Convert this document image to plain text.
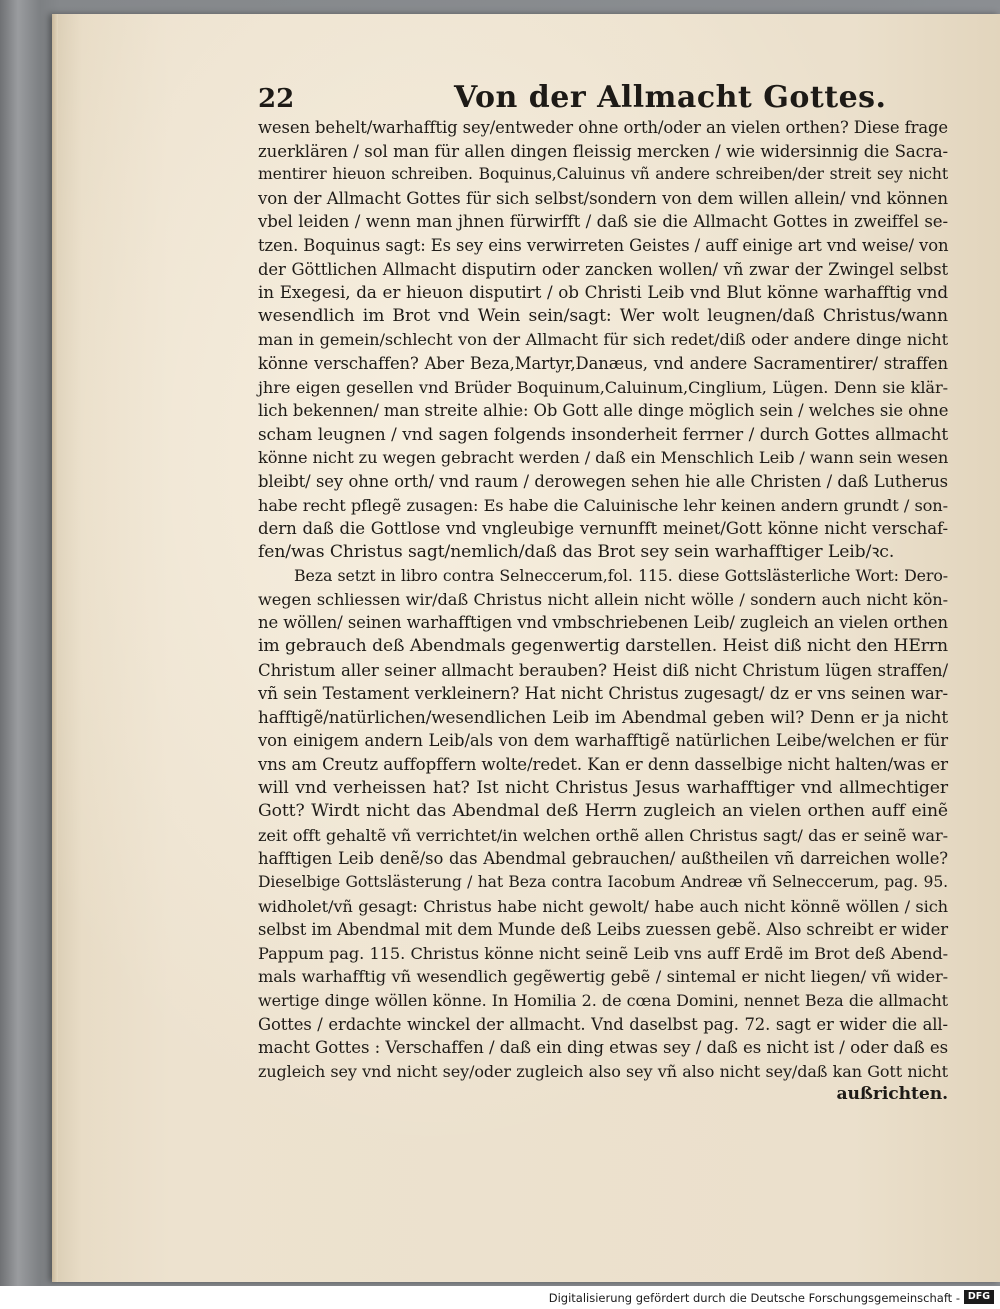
22	Von der Allmacht Gottes.
wesen behelt/warhafftig sey/entweder ohne orth/oder an vielen orthen? Diese frage
zuerklären / sol man für allen dingen fleissig mercken / wie widersinnig die Sacra-
mentirer hieuon schreiben. Boquinus,Caluinus vñ andere schreiben/der streit sey nicht
von der Allmacht Gottes für sich selbst/sondern von dem willen allein/ vnd können
vbel leiden / wenn man jhnen fürwirfft / daß sie die Allmacht Gottes in zweiffel se-
tzen. Boquinus sagt: Es sey eins verwirreten Geistes / auff einige art vnd weise/ von
der Göttlichen Allmacht disputirn oder zancken wollen/ vñ zwar der Zwingel selbst
in Exegesi, da er hieuon disputirt / ob Christi Leib vnd Blut könne warhafftig vnd
wesendlich im Brot vnd Wein sein/sagt: Wer wolt leugnen/daß Christus/wann
man in gemein/schlecht von der Allmacht für sich redet/diß oder andere dinge nicht
könne verschaffen? Aber Beza,Martyr,Danæus, vnd andere Sacramentirer/ straffen
jhre eigen gesellen vnd Brüder Boquinum,Caluinum,Cinglium, Lügen. Denn sie klär-
lich bekennen/ man streite alhie: Ob Gott alle dinge möglich sein / welches sie ohne
scham leugnen / vnd sagen folgends insonderheit ferrner / durch Gottes allmacht
könne nicht zu wegen gebracht werden / daß ein Menschlich Leib / wann sein wesen
bleibt/ sey ohne orth/ vnd raum / derowegen sehen hie alle Christen / daß Lutherus
habe recht pflegẽ zusagen: Es habe die Caluinische lehr keinen andern grundt / son-
dern daß die Gottlose vnd vngleubige vernunfft meinet/Gott könne nicht verschaf-
fen/was Christus sagt/nemlich/daß das Brot sey sein warhafftiger Leib/ꝛc.
Beza setzt in libro contra Selneccerum,fol. 115. diese Gottslästerliche Wort: Dero-
wegen schliessen wir/daß Christus nicht allein nicht wölle / sondern auch nicht kön-
ne wöllen/ seinen warhafftigen vnd vmbschriebenen Leib/ zugleich an vielen orthen
im gebrauch deß Abendmals gegenwertig darstellen. Heist diß nicht den HErrn
Christum aller seiner allmacht berauben? Heist diß nicht Christum lügen straffen/
vñ sein Testament verkleinern? Hat nicht Christus zugesagt/ dz er vns seinen war-
hafftigẽ/natürlichen/wesendlichen Leib im Abendmal geben wil? Denn er ja nicht
von einigem andern Leib/als von dem warhafftigẽ natürlichen Leibe/welchen er für
vns am Creutz auffopffern wolte/redet. Kan er denn dasselbige nicht halten/was er
will vnd verheissen hat? Ist nicht Christus Jesus warhafftiger vnd allmechtiger
Gott? Wirdt nicht das Abendmal deß Herrn zugleich an vielen orthen auff einẽ
zeit offt gehaltẽ vñ verrichtet/in welchen orthẽ allen Christus sagt/ das er seinẽ war-
hafftigen Leib denẽ/so das Abendmal gebrauchen/ außtheilen vñ darreichen wolle?
Dieselbige Gottslästerung / hat Beza contra Iacobum Andreæ vñ Selneccerum, pag. 95.
widholet/vñ gesagt: Christus habe nicht gewolt/ habe auch nicht könnẽ wöllen / sich
selbst im Abendmal mit dem Munde deß Leibs zuessen gebẽ. Also schreibt er wider
Pappum pag. 115. Christus könne nicht seinẽ Leib vns auff Erdẽ im Brot deß Abend-
mals warhafftig vñ wesendlich gegẽwertig gebẽ / sintemal er nicht liegen/ vñ wider-
wertige dinge wöllen könne. In Homilia 2. de cœna Domini, nennet Beza die allmacht
Gottes / erdachte winckel der allmacht. Vnd daselbst pag. 72. sagt er wider die all-
macht Gottes : Verschaffen / daß ein ding etwas sey / daß es nicht ist / oder daß es
zugleich sey vnd nicht sey/oder zugleich also sey vñ also nicht sey/daß kan Gott nicht
außrichten.
Digitalisierung gefördert durch die Deutsche Forschungsgemeinschaft - DFG
